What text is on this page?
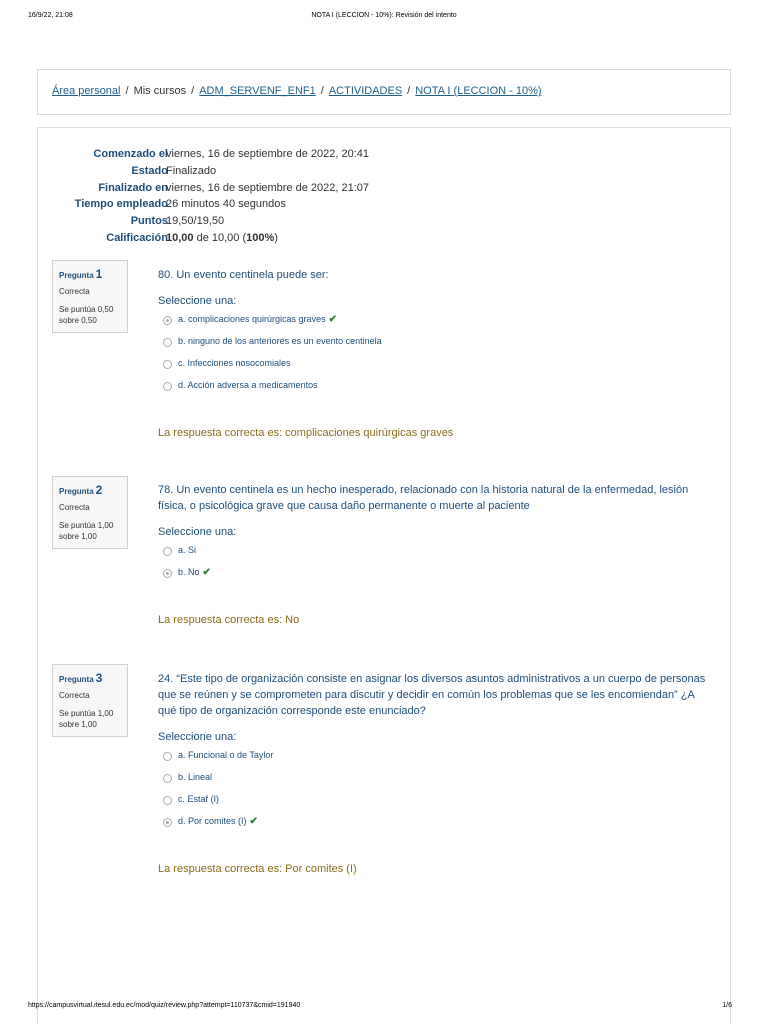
16/9/22, 21:08	NOTA I (LECCION - 10%): Revisión del intento
Área personal / Mis cursos / ADM_SERVENF_ENF1 / ACTIVIDADES / NOTA I (LECCION - 10%)
Comenzado el
viernes, 16 de septiembre de 2022, 20:41
Estado
Finalizado
Finalizado en
viernes, 16 de septiembre de 2022, 21:07
Tiempo empleado
26 minutos 40 segundos
Puntos
19,50/19,50
Calificación
10,00 de 10,00 (100%)
Pregunta 1
Correcta
Se puntúa 0,50 sobre 0,50
80. Un evento centinela puede ser:
Seleccione una:
a. complicaciones quirúrgicas graves ✔
b. ninguno de los anteriores es un evento centinela
c. Infecciones nosocomiales
d. Acción adversa a medicamentos
La respuesta correcta es: complicaciones quirúrgicas graves
Pregunta 2
Correcta
Se puntúa 1,00 sobre 1,00
78. Un evento centinela es un hecho inesperado, relacionado con la historia natural de la enfermedad, lesión física, o psicológica grave que causa daño permanente o muerte al paciente
Seleccione una:
a. Si
b. No ✔
La respuesta correcta es: No
Pregunta 3
Correcta
Se puntúa 1,00 sobre 1,00
24. “Este tipo de organización consiste en asignar los diversos asuntos administrativos a un cuerpo de personas que se reúnen y se comprometen para discutir y decidir en común los problemas que se les encomiendan” ¿A qué tipo de organización corresponde este enunciado?
Seleccione una:
a. Funcional o de Taylor
b. Lineal
c. Estaf (I)
d. Por comites (I) ✔
La respuesta correcta es: Por comites (I)
https://campusvirtual.itesul.edu.ec/mod/quiz/review.php?attempt=110737&cmid=191940	1/6
